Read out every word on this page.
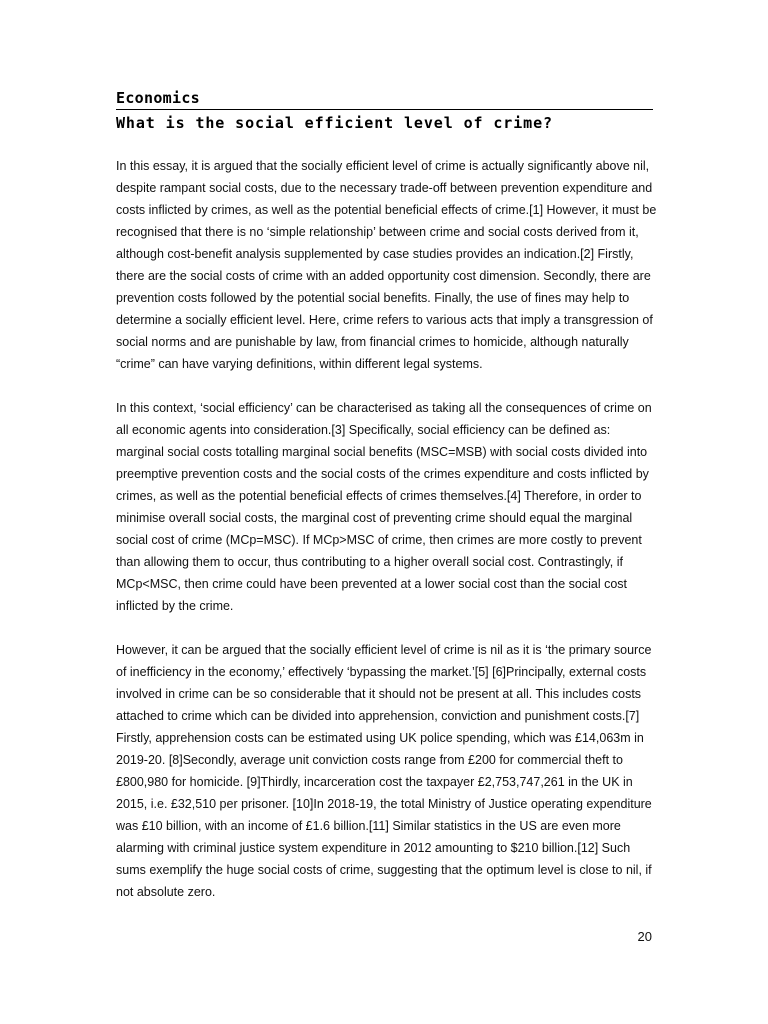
Economics
What is the social efficient level of crime?

In this essay, it is argued that the socially efficient level of crime is actually significantly above nil, despite rampant social costs, due to the necessary trade-off between prevention expenditure and costs inflicted by crimes, as well as the potential beneficial effects of crime.[1] However, it must be recognised that there is no ‘simple relationship’ between crime and social costs derived from it, although cost-benefit analysis supplemented by case studies provides an indication.[2] Firstly, there are the social costs of crime with an added opportunity cost dimension. Secondly, there are prevention costs followed by the potential social benefits. Finally, the use of fines may help to determine a socially efficient level. Here, crime refers to various acts that imply a transgression of social norms and are punishable by law, from financial crimes to homicide, although naturally “crime” can have varying definitions, within different legal systems.

In this context, ‘social efficiency’ can be characterised as taking all the consequences of crime on all economic agents into consideration.[3] Specifically, social efficiency can be defined as: marginal social costs totalling marginal social benefits (MSC=MSB) with social costs divided into preemptive prevention costs and the social costs of the crimes expenditure and costs inflicted by crimes, as well as the potential beneficial effects of crimes themselves.[4] Therefore, in order to minimise overall social costs, the marginal cost of preventing crime should equal the marginal social cost of crime (MCp=MSC). If MCp>MSC of crime, then crimes are more costly to prevent than allowing them to occur, thus contributing to a higher overall social cost. Contrastingly, if MCp<MSC, then crime could have been prevented at a lower social cost than the social cost inflicted by the crime.

However, it can be argued that the socially efficient level of crime is nil as it is ‘the primary source of inefficiency in the economy,’ effectively ‘bypassing the market.’[5] [6]Principally, external costs involved in crime can be so considerable that it should not be present at all. This includes costs attached to crime which can be divided into apprehension, conviction and punishment costs.[7] Firstly, apprehension costs can be estimated using UK police spending, which was £14,063m in 2019-20. [8]Secondly, average unit conviction costs range from £200 for commercial theft to £800,980 for homicide. [9]Thirdly, incarceration cost the taxpayer £2,753,747,261 in the UK in 2015, i.e. £32,510 per prisoner. [10]In 2018-19, the total Ministry of Justice operating expenditure was £10 billion, with an income of £1.6 billion.[11] Similar statistics in the US are even more alarming with criminal justice system expenditure in 2012 amounting to $210 billion.[12] Such sums exemplify the huge social costs of crime, suggesting that the optimum level is close to nil, if not absolute zero.

20
